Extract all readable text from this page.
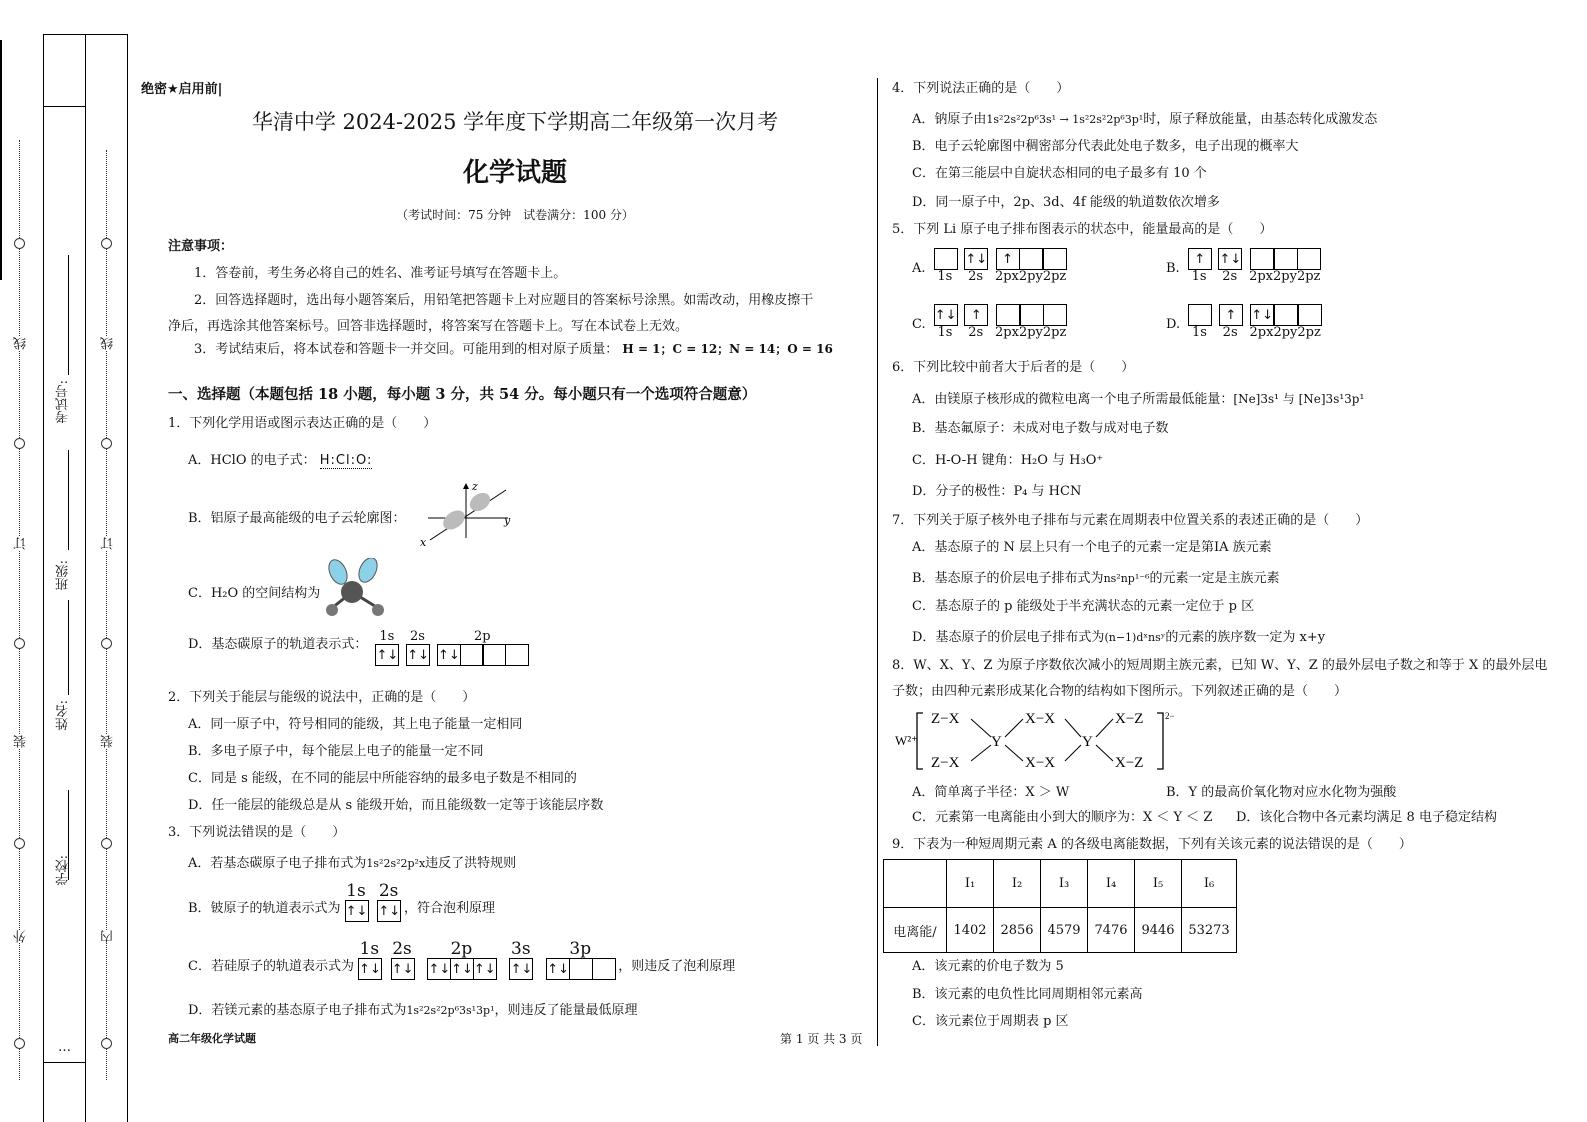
外
装
订
线
内
装
订
线
学校:
姓名:
班级:
考试号:
…
绝密★启用前|
华清中学 2024-2025 学年度下学期高二年级第一次月考
化学试题
（考试时间：75 分钟　试卷满分：100 分）
注意事项：
1．答卷前，考生务必将自己的姓名、准考证号填写在答题卡上。
2．回答选择题时，选出每小题答案后，用铅笔把答题卡上对应题目的答案标号涂黑。如需改动，用橡皮擦干
净后，再选涂其他答案标号。回答非选择题时，将答案写在答题卡上。写在本试卷上无效。
3．考试结束后，将本试卷和答题卡一并交回。可能用到的相对原子质量： H = 1；C = 12；N = 14；O = 16
一、选择题（本题包括 18 小题，每小题 3 分，共 54 分。每小题只有一个选项符合题意）
1．下列化学用语或图示表达正确的是（　　）
A．HClO 的电子式： H:Cl:O:
B．铝原子最高能级的电子云轮廓图：
z
y
x
C．H₂O 的空间结构为
D．基态碳原子的轨道表示式：
1s
↑↓
2s
↑↓
2p
↑↓
2．下列关于能层与能级的说法中，正确的是（　　）
A．同一原子中，符号相同的能级，其上电子能量一定相同
B．多电子原子中，每个能层上电子的能量一定不同
C．同是 s 能级，在不同的能层中所能容纳的最多电子数是不相同的
D．任一能层的能级总是从 s 能级开始，而且能级数一定等于该能层序数
3．下列说法错误的是（　　）
A．若基态碳原子电子排布式为1s²2s²2p²x违反了洪特规则
B．铍原子的轨道表示式为
1s
↑↓
2s
↑↓ ，符合泡利原理
C．若硅原子的轨道表示式为
1s
↑↓
2s
↑↓
2p
↑↓↑↓↑↓
3s
↑↓
3p
↑↓	，则违反了泡利原理
D．若镁元素的基态原子电子排布式为1s²2s²2p⁶3s¹3p¹，则违反了能量最低原理
高二年级化学试题	第 1 页 共 3 页
4．下列说法正确的是（　　）
A．钠原子由1s²2s²2p⁶3s¹ → 1s²2s²2p⁶3p¹时，原子释放能量，由基态转化成激发态
B．电子云轮廓图中稠密部分代表此处电子数多，电子出现的概率大
C．在第三能层中自旋状态相同的电子最多有 10 个
D．同一原子中，2p、3d、4f 能级的轨道数依次增多
5．下列 Li 原子电子排布图表示的状态中，能量最高的是（　　）
A.
1s
↑↓
2s
↑
2px 2py 2pz
B.
↑
1s
↑↓
2s 2px 2py 2pz
C.
↑↓
1s
↑
2s 2px 2py 2pz
D.
1s
↑
2s
↑↓
2px 2py 2pz
6．下列比较中前者大于后者的是（　　）
A．由镁原子核形成的微粒电离一个电子所需最低能量：[Ne]3s¹ 与 [Ne]3s¹3p¹
B．基态氟原子：未成对电子数与成对电子数
C．H-O-H 键角：H₂O 与 H₃O⁺
D．分子的极性：P₄ 与 HCN
7．下列关于原子核外电子排布与元素在周期表中位置关系的表述正确的是（　　）
A．基态原子的 N 层上只有一个电子的元素一定是第ⅠA 族元素
B．基态原子的价层电子排布式为ns²np¹⁻⁶的元素一定是主族元素
C．基态原子的 p 能级处于半充满状态的元素一定位于 p 区
D．基态原子的价层电子排布式为(n−1)dˣnsʸ的元素的族序数一定为 x+y
8．W、X、Y、Z 为原子序数依次减小的短周期主族元素，已知 W、Y、Z 的最外层电子数之和等于 X 的最外层电
子数；由四种元素形成某化合物的结构如下图所示。下列叙述正确的是（　　）
W²⁺
2−
Z−X
Z−X
Y
X−X
X−X
Y
X−Z
X−Z
A．简单离子半径：X ＞ W	B．Y 的最高价氧化物对应水化物为强酸
C．元素第一电离能由小到大的顺序为：X ＜ Y ＜ Z D．该化合物中各元素均满足 8 电子稳定结构
9．下表为一种短周期元素 A 的各级电离能数据，下列有关该元素的说法错误的是（　　）
	I₁	I₂	I₃	I₄	I₅	I₆
电离能/	1402	2856	4579	7476	9446	53273
A．该元素的价电子数为 5
B．该元素的电负性比同周期相邻元素高
C．该元素位于周期表 p 区
